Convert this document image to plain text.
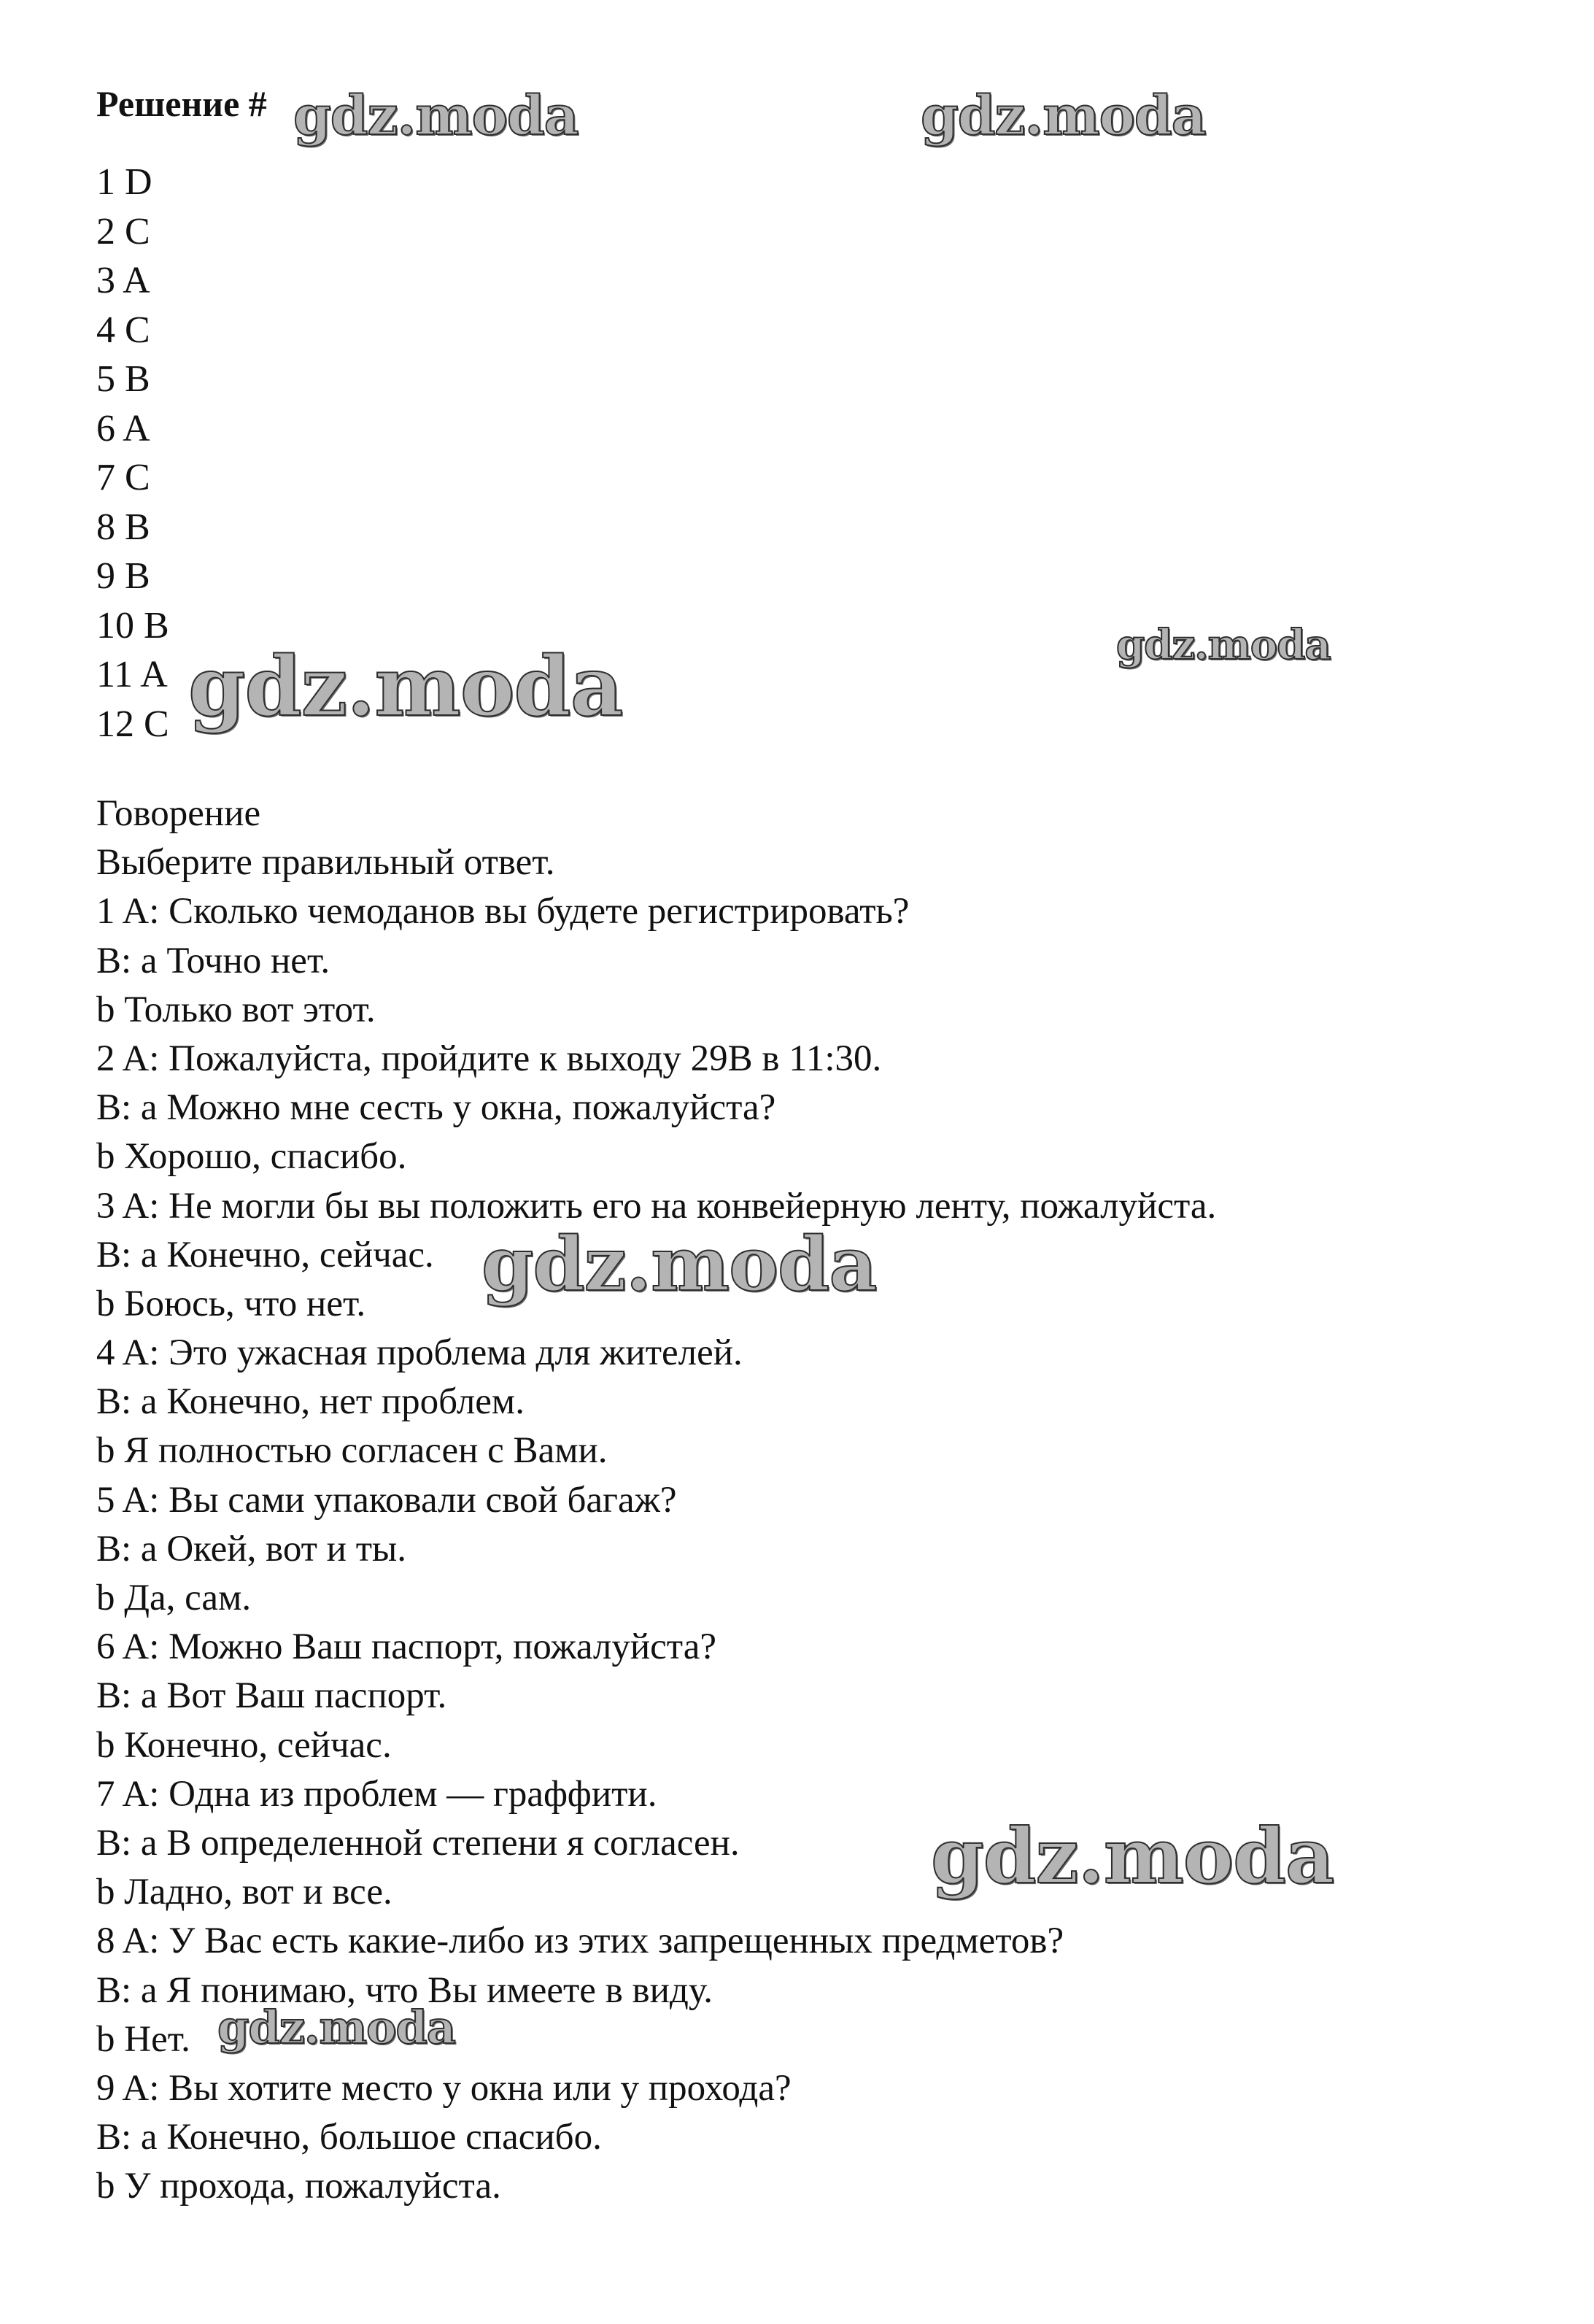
Решение #
1 D
2 C
3 A
4 C
5 B
6 A
7 C
8 B
9 B
10 B
11 A
12 C
Говорение
Выберите правильный ответ.
1 A: Сколько чемоданов вы будете регистрировать?
B: a Точно нет.
b Только вот этот.
2 A: Пожалуйста, пройдите к выходу 29B в 11:30.
B: a Можно мне сесть у окна, пожалуйста?
b Хорошо, спасибо.
3 A: Не могли бы вы положить его на конвейерную ленту, пожалуйста.
B: a Конечно, сейчас.
b Боюсь, что нет.
4 A: Это ужасная проблема для жителей.
B: a Конечно, нет проблем.
b Я полностью согласен с Вами.
5 A: Вы сами упаковали свой багаж?
B: a Окей, вот и ты.
b Да, сам.
6 A: Можно Ваш паспорт, пожалуйста?
B: a Вот Ваш паспорт.
b Конечно, сейчас.
7 A: Одна из проблем — граффити.
B: a В определенной степени я согласен.
b Ладно, вот и все.
8 A: У Вас есть какие-либо из этих запрещенных предметов?
B: a Я понимаю, что Вы имеете в виду.
b Нет.
9 A: Вы хотите место у окна или у прохода?
B: a Конечно, большое спасибо.
b У прохода, пожалуйста.
gdz.moda	gdz.moda
gdz.moda
gdz.moda
gdz.moda
gdz.moda
gdz.moda
